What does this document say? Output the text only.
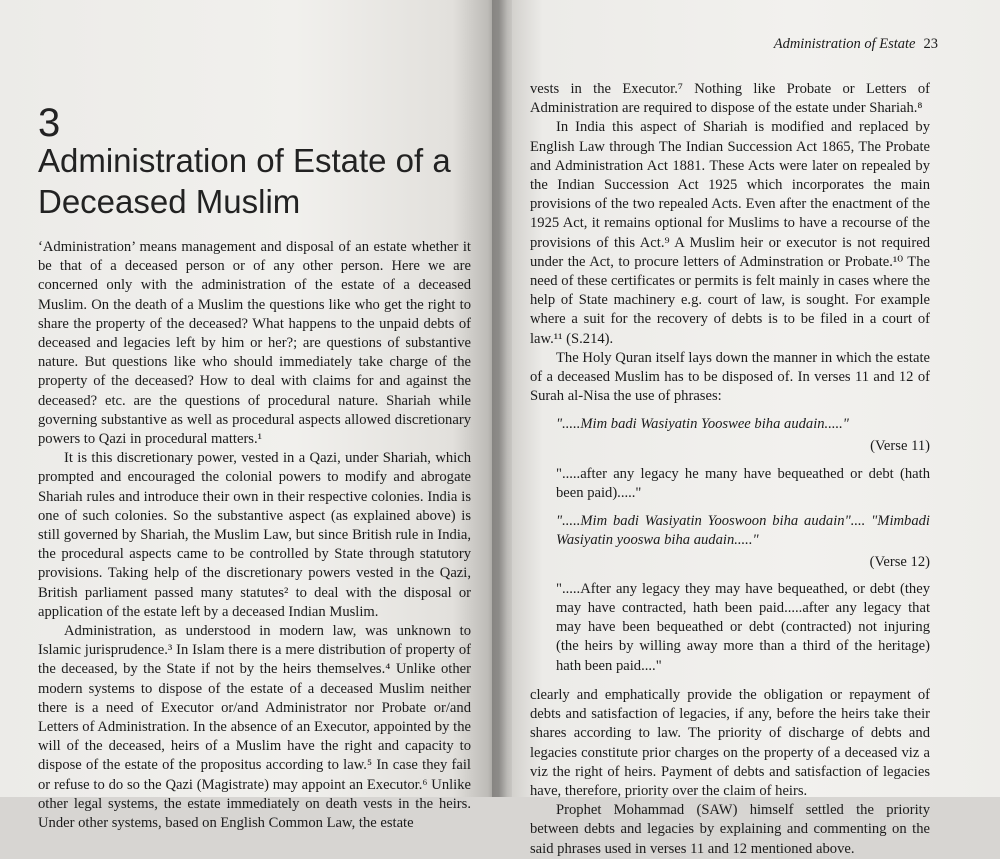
3
Administration of Estate of a Deceased Muslim

‘Administration’ means management and disposal of an estate whether it be that of a deceased person or of any other person. Here we are concerned only with the administration of the estate of a deceased Muslim. On the death of a Muslim the questions like who get the right to share the property of the deceased? What happens to the unpaid debts of deceased and legacies left by him or her?; are questions of substantive nature. But questions like who should immediately take charge of the property of the deceased? How to deal with claims for and against the deceased? etc. are the questions of procedural nature. Shariah while governing substantive as well as procedural aspects allowed discretionary powers to Qazi in procedural matters.¹

It is this discretionary power, vested in a Qazi, under Shariah, which prompted and encouraged the colonial powers to modify and abrogate Shariah rules and introduce their own in their respective colonies. India is one of such colonies. So the substantive aspect (as explained above) is still governed by Shariah, the Muslim Law, but since British rule in India, the procedural aspects came to be controlled by State through statutory provisions. Taking help of the discretionary powers vested in the Qazi, British parliament passed many statutes² to deal with the disposal or application of the estate left by a deceased Indian Muslim.

Administration, as understood in modern law, was unknown to Islamic jurisprudence.³ In Islam there is a mere distribution of property of the deceased, by the State if not by the heirs themselves.⁴ Unlike other modern systems to dispose of the estate of a deceased Muslim neither there is a need of Executor or/and Administrator nor Probate or/and Letters of Administration. In the absence of an Executor, appointed by the will of the deceased, heirs of a Muslim have the right and capacity to dispose of the estate of the propositus according to law.⁵ In case they fail or refuse to do so the Qazi (Magistrate) may appoint an Executor.⁶ Unlike other legal systems, the estate immediately on death vests in the heirs. Under other systems, based on English Common Law, the estate

Administration of Estate 23

vests in the Executor.⁷ Nothing like Probate or Letters of Administration are required to dispose of the estate under Shariah.⁸

In India this aspect of Shariah is modified and replaced by English Law through The Indian Succession Act 1865, The Probate and Administration Act 1881. These Acts were later on repealed by the Indian Succession Act 1925 which incorporates the main provisions of the two repealed Acts. Even after the enactment of the 1925 Act, it remains optional for Muslims to have a recourse of the provisions of this Act.⁹ A Muslim heir or executor is not required under the Act, to procure letters of Adminstration or Probate.¹⁰ The need of these certificates or permits is felt mainly in cases where the help of State machinery e.g. court of law, is sought. For example where a suit for the recovery of debts is to be filed in a court of law.¹¹ (S.214).

The Holy Quran itself lays down the manner in which the estate of a deceased Muslim has to be disposed of. In verses 11 and 12 of Surah al-Nisa the use of phrases:

".....Mim badi Wasiyatin Yooswee biha audain....."

(Verse 11)

".....after any legacy he many have bequeathed or debt (hath been paid)....."

".....Mim badi Wasiyatin Yooswoon biha audain".... "Mimbadi Wasiyatin yooswa biha audain....."

(Verse 12)

".....After any legacy they may have bequeathed, or debt (they may have contracted, hath been paid.....after any legacy that may have been bequeathed or debt (contracted) not injuring (the heirs by willing away more than a third of the heritage) hath been paid...."

clearly and emphatically provide the obligation or repayment of debts and satisfaction of legacies, if any, before the heirs take their shares according to law. The priority of discharge of debts and legacies constitute prior charges on the property of a deceased viz a viz the right of heirs. Payment of debts and satisfaction of legacies have, therefore, priority over the claim of heirs.

Prophet Mohammad (SAW) himself settled the priority between debts and legacies by explaining and commenting on the said phrases used in verses 11 and 12 mentioned above.
